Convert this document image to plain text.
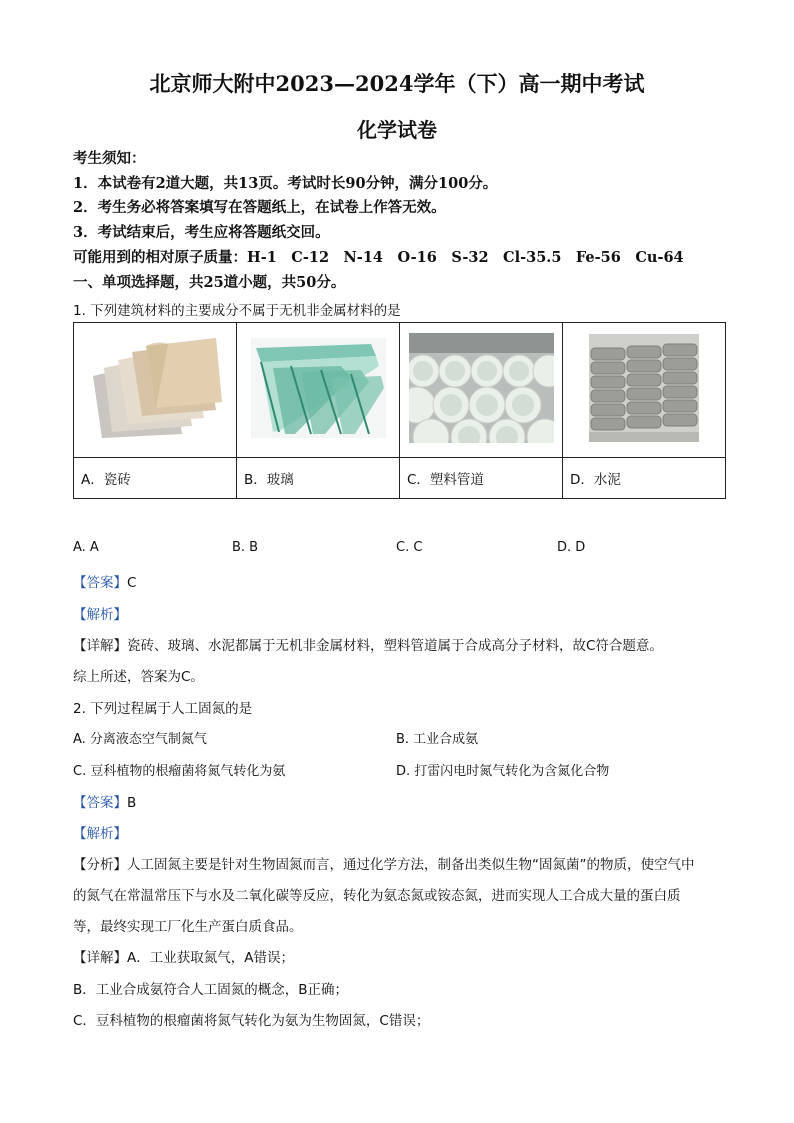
北京师大附中2023—2024学年（下）高一期中考试
化学试卷
考生须知：
1．本试卷有2道大题，共13页。考试时长90分钟，满分100分。
2．考生务必将答案填写在答题纸上，在试卷上作答无效。
3．考试结束后，考生应将答题纸交回。
可能用到的相对原子质量：H-1　C-12　N-14　O-16　S-32　Cl-35.5　Fe-56　Cu-64
一、单项选择题，共25道小题，共50分。
1. 下列建筑材料的主要成分不属于无机非金属材料的是

A．瓷砖	B．玻璃	C．塑料管道	D．水泥
A. A	B. B	C. C	D. D
【答案】C
【解析】
【详解】瓷砖、玻璃、水泥都属于无机非金属材料，塑料管道属于合成高分子材料，故C符合题意。
综上所述，答案为C。
2. 下列过程属于人工固氮的是
A. 分离液态空气制氮气	B. 工业合成氨
C. 豆科植物的根瘤菌将氮气转化为氨	D. 打雷闪电时氮气转化为含氮化合物
【答案】B
【解析】
【分析】人工固氮主要是针对生物固氮而言，通过化学方法，制备出类似生物“固氮菌”的物质，使空气中
的氮气在常温常压下与水及二氧化碳等反应，转化为氨态氮或铵态氮，进而实现人工合成大量的蛋白质
等，最终实现工厂化生产蛋白质食品。
【详解】A．工业获取氮气，A错误；
B．工业合成氨符合人工固氮的概念，B正确；
C．豆科植物的根瘤菌将氮气转化为氨为生物固氮，C错误；
